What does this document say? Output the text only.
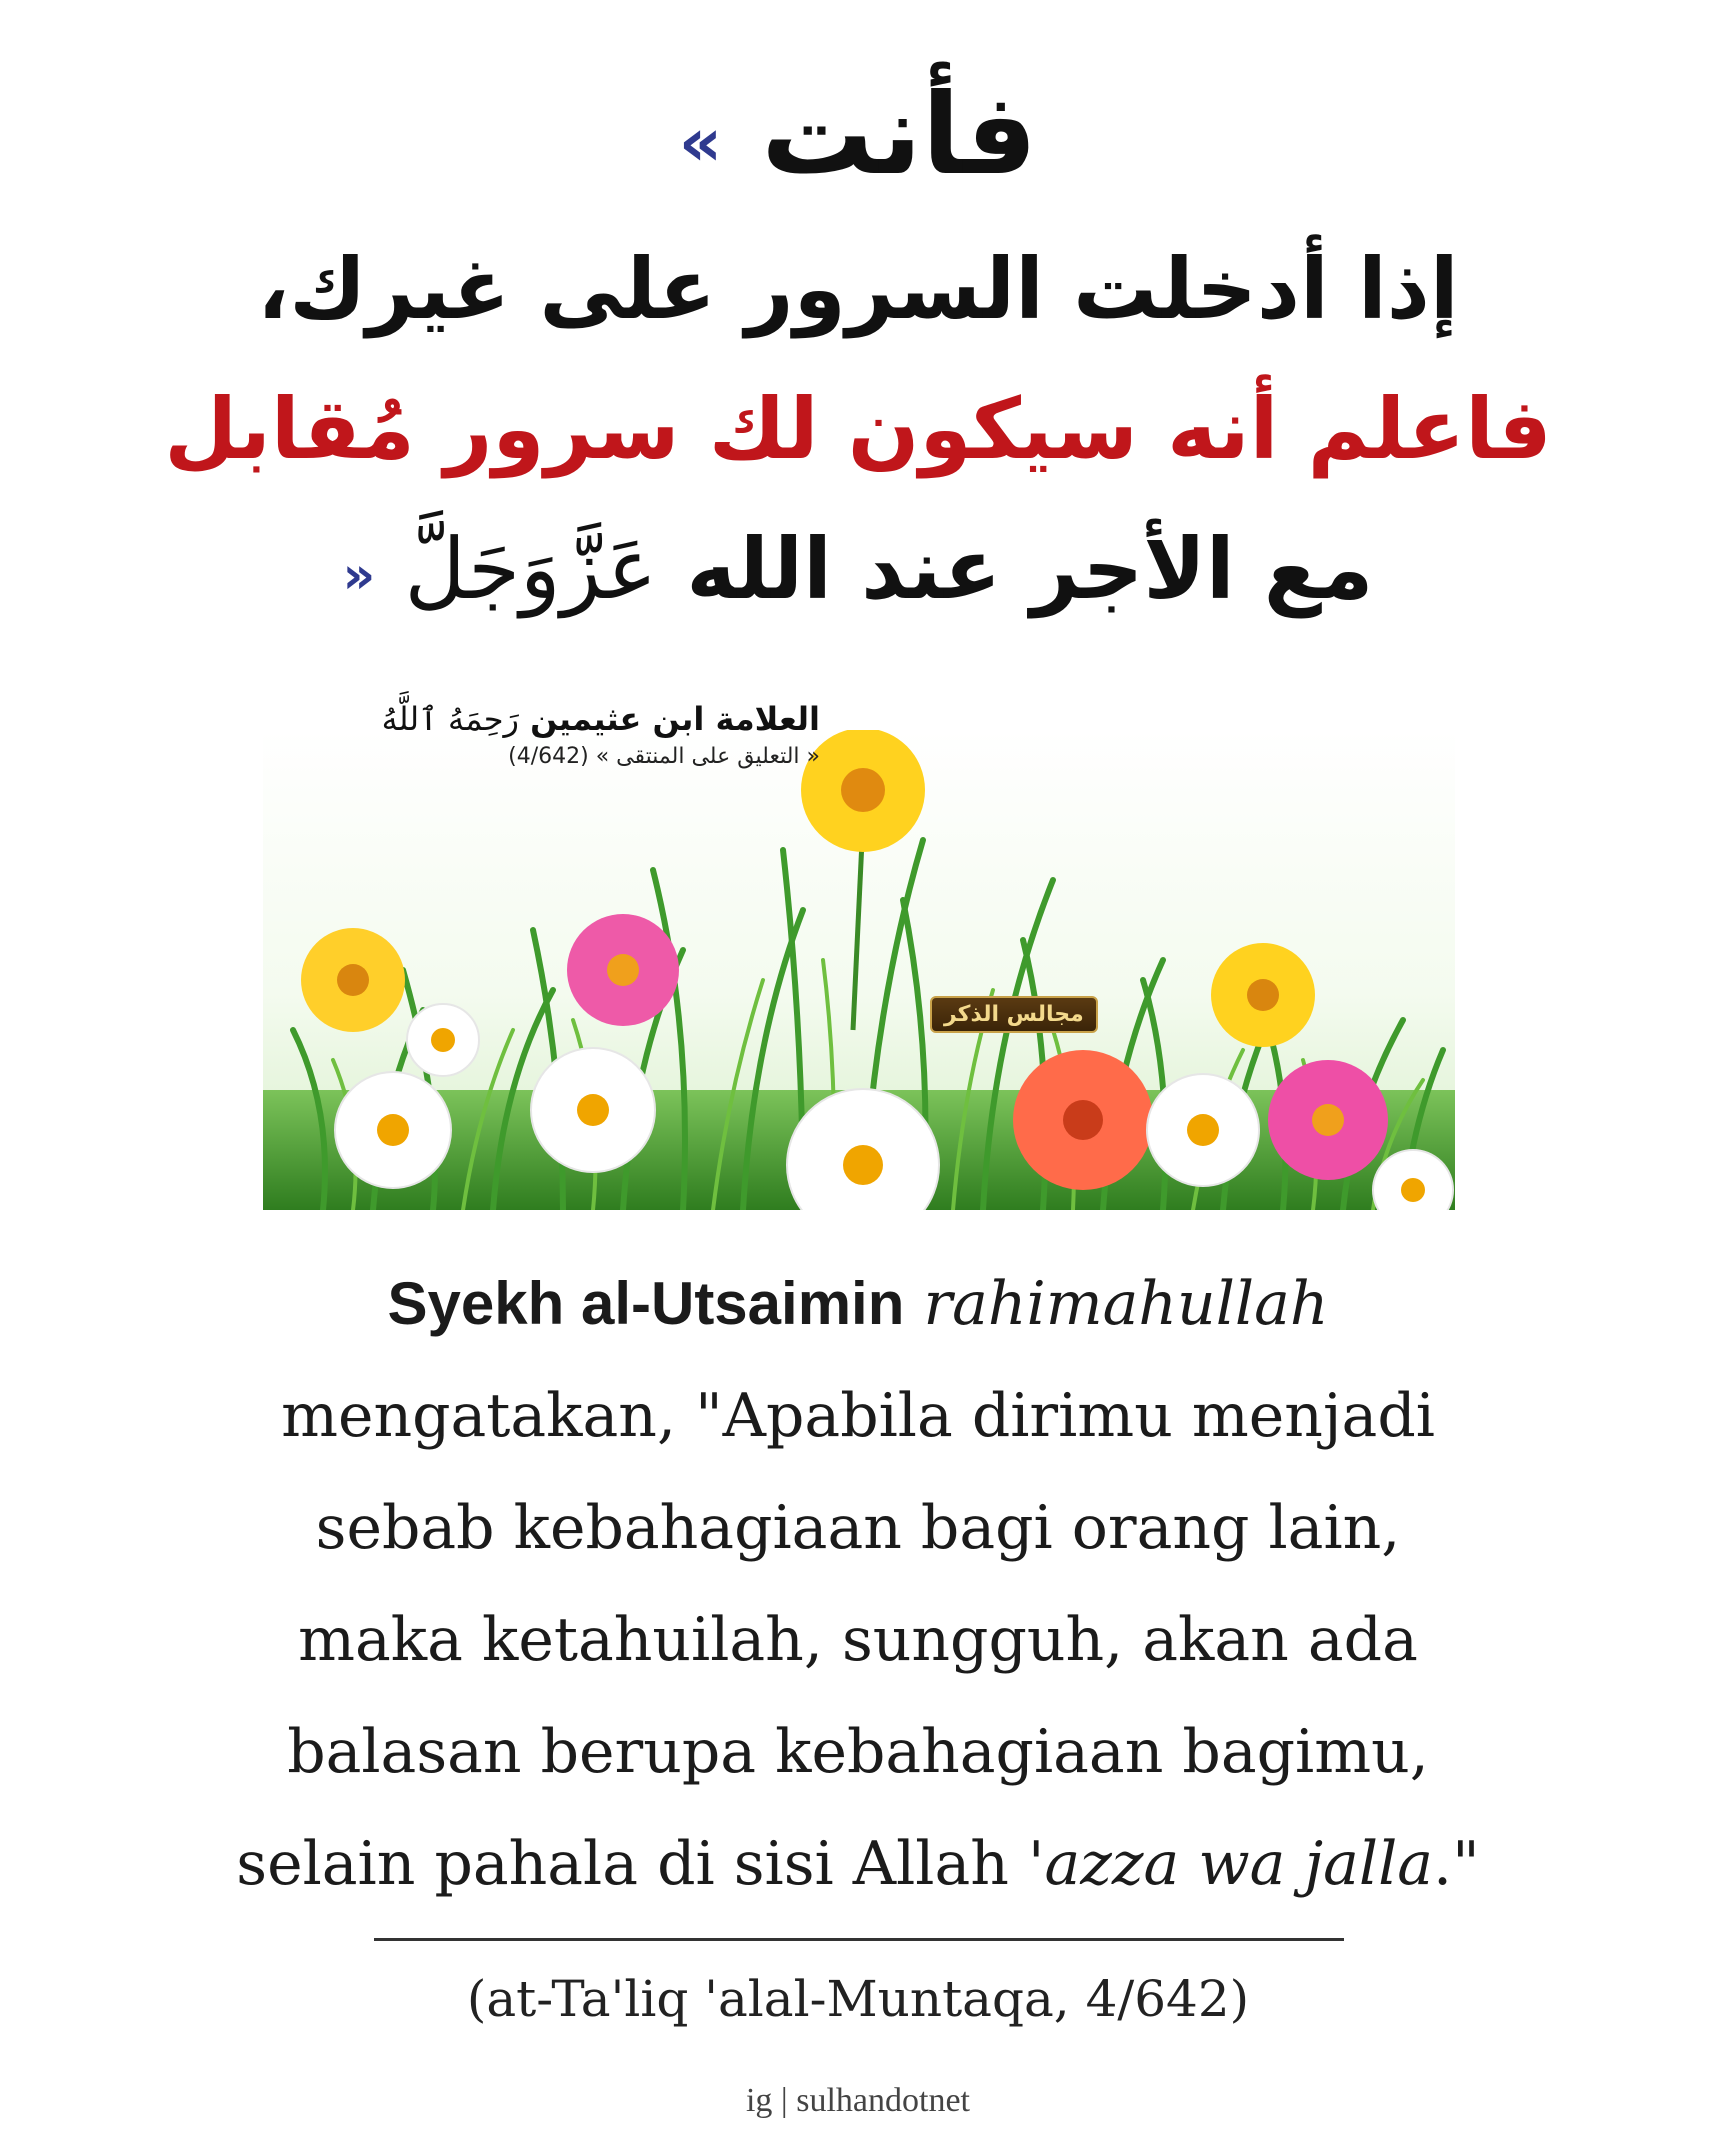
فأنت »
إذا أدخلت السرور على غيرك،
فاعلم أنه سيكون لك سرور مُقابل
مع الأجر عند الله عَزَّوَجَلَّ «
العلامة ابن عثيمين رَحِمَهُ ٱللَّهُ
« التعليق على المنتقى » (4/642)
مجالس الذكر
Syekh al-Utsaimin rahimahullah
mengatakan, "Apabila dirimu menjadi
sebab kebahagiaan bagi orang lain,
maka ketahuilah, sungguh, akan ada
balasan berupa kebahagiaan bagimu,
selain pahala di sisi Allah 'azza wa jalla."
(at-Ta'liq 'alal-Muntaqa, 4/642)
ig | sulhandotnet
